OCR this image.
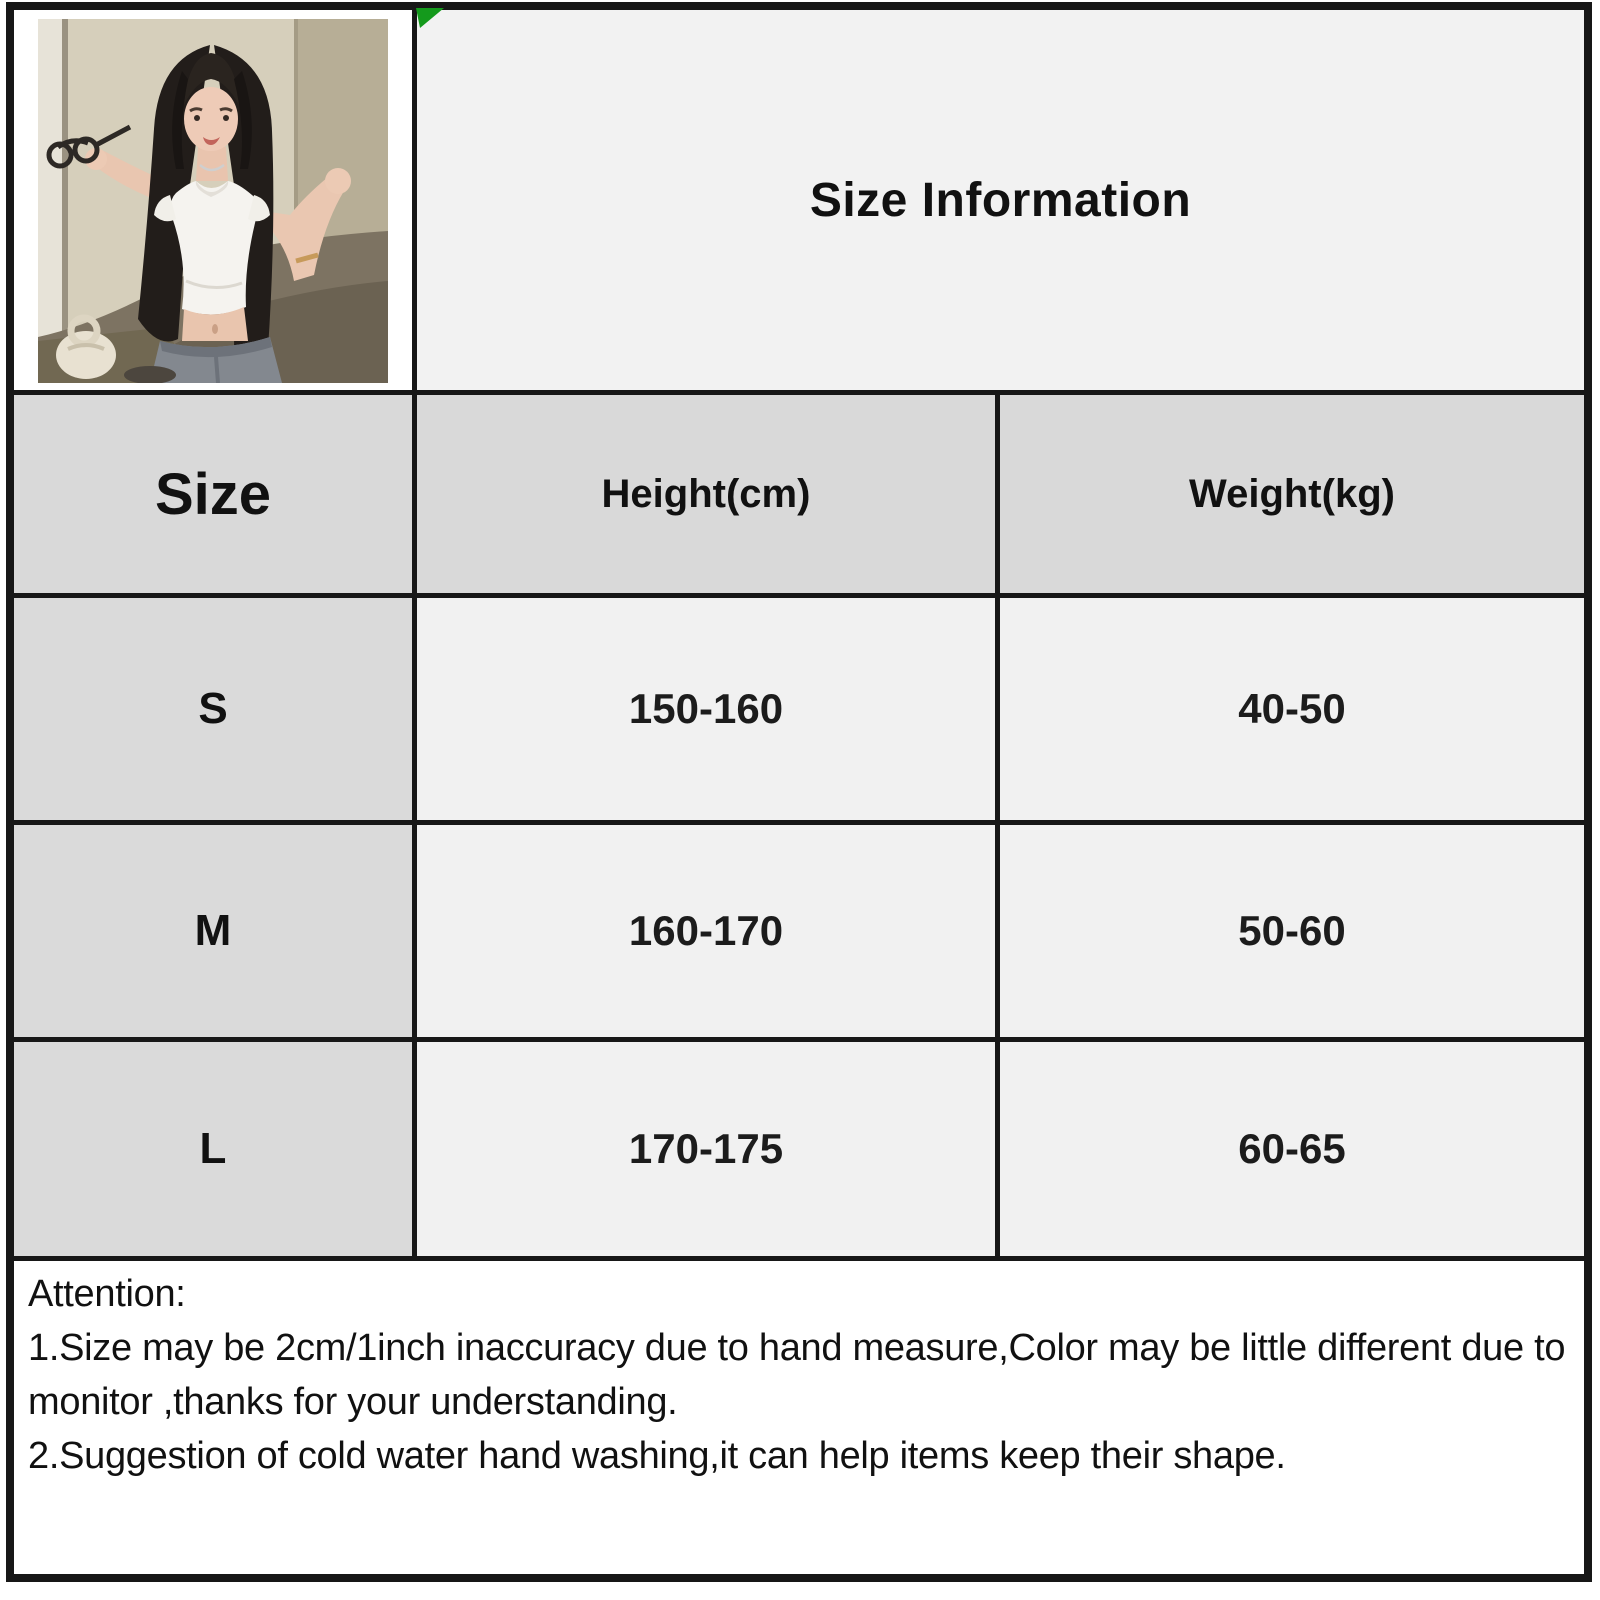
Size Information
Size	Height(cm)	Weight(kg)
S	150-160	40-50
M	160-170	50-60
L	170-175	60-65

Attention:

1.Size may be 2cm/1inch inaccuracy due to hand measure,Color may be little different due to monitor ,thanks for your understanding.

2.Suggestion of cold water hand washing,it can help items keep their shape.
